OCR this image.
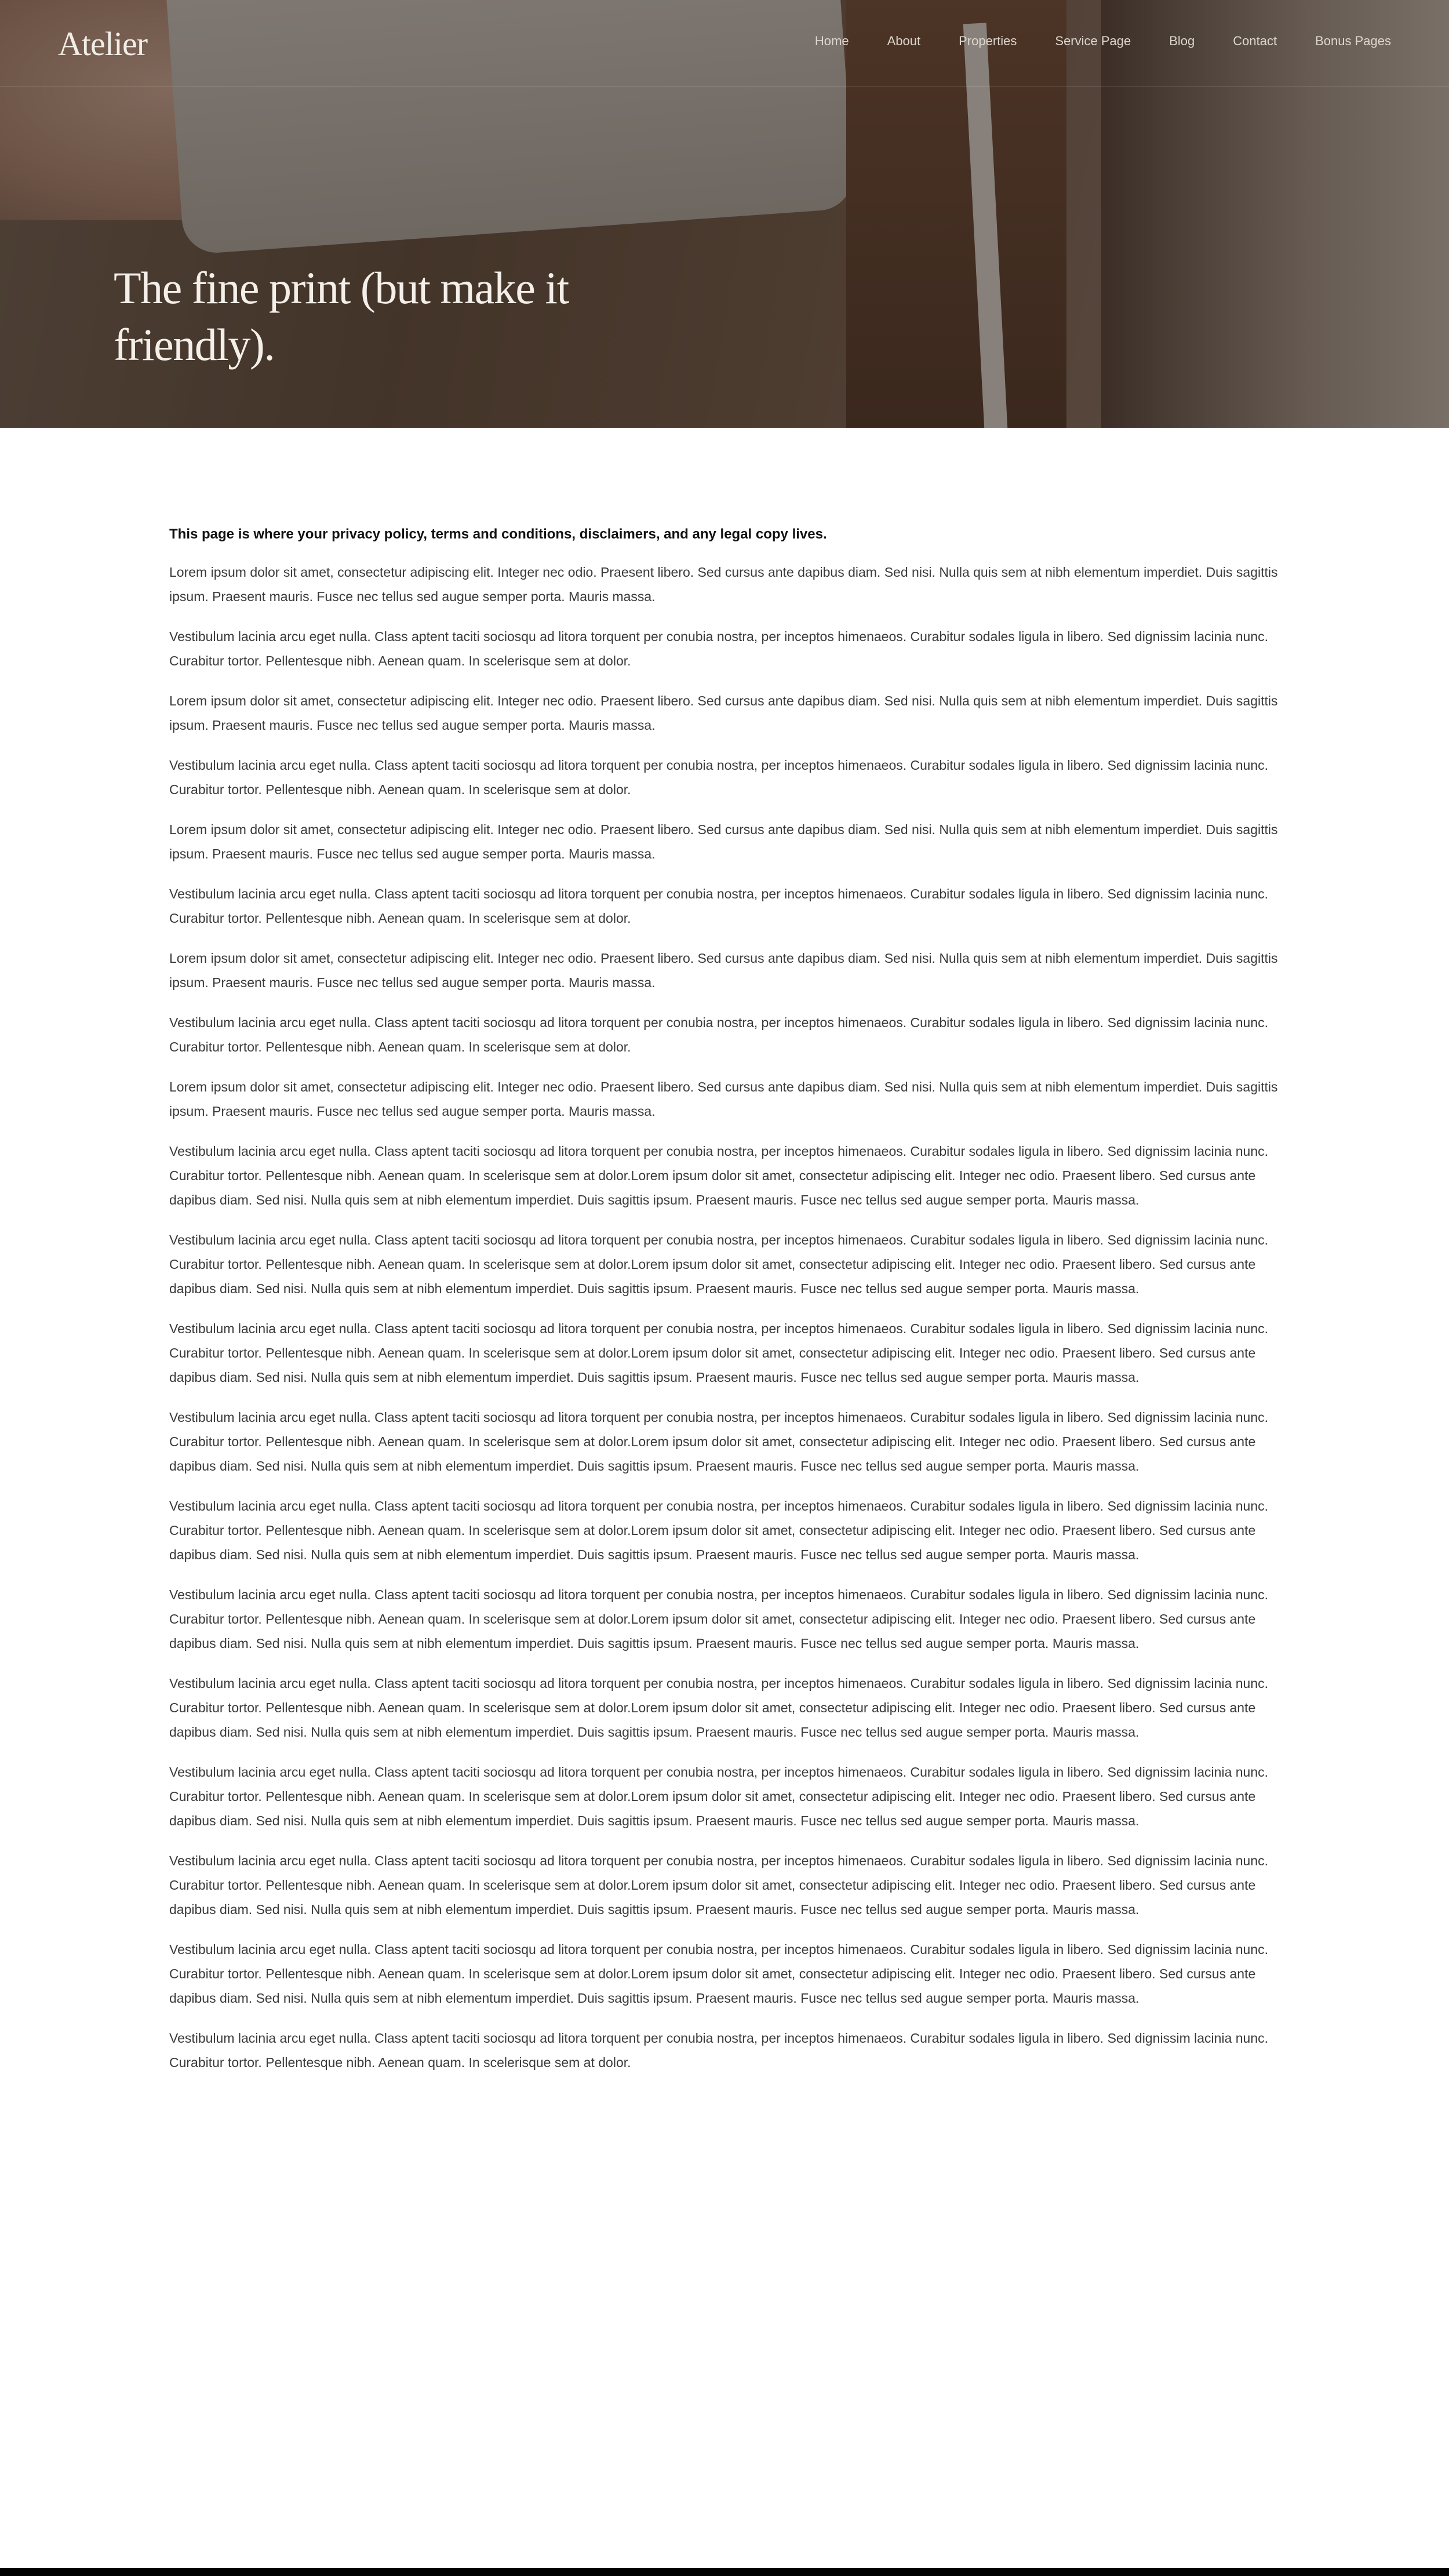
Atelier	Home	About	Properties	Service Page	Blog	Contact	Bonus Pages
The fine print (but make it
friendly).

This page is where your privacy policy, terms and conditions, disclaimers, and any legal copy lives.

Lorem ipsum dolor sit amet, consectetur adipiscing elit. Integer nec odio. Praesent libero. Sed cursus ante dapibus diam. Sed nisi. Nulla quis sem at nibh elementum imperdiet. Duis sagittis ipsum. Praesent mauris. Fusce nec tellus sed augue semper porta. Mauris massa.

Vestibulum lacinia arcu eget nulla. Class aptent taciti sociosqu ad litora torquent per conubia nostra, per inceptos himenaeos. Curabitur sodales ligula in libero. Sed dignissim lacinia nunc. Curabitur tortor. Pellentesque nibh. Aenean quam. In scelerisque sem at dolor.

Lorem ipsum dolor sit amet, consectetur adipiscing elit. Integer nec odio. Praesent libero. Sed cursus ante dapibus diam. Sed nisi. Nulla quis sem at nibh elementum imperdiet. Duis sagittis ipsum. Praesent mauris. Fusce nec tellus sed augue semper porta. Mauris massa.

Vestibulum lacinia arcu eget nulla. Class aptent taciti sociosqu ad litora torquent per conubia nostra, per inceptos himenaeos. Curabitur sodales ligula in libero. Sed dignissim lacinia nunc. Curabitur tortor. Pellentesque nibh. Aenean quam. In scelerisque sem at dolor.

Lorem ipsum dolor sit amet, consectetur adipiscing elit. Integer nec odio. Praesent libero. Sed cursus ante dapibus diam. Sed nisi. Nulla quis sem at nibh elementum imperdiet. Duis sagittis ipsum. Praesent mauris. Fusce nec tellus sed augue semper porta. Mauris massa.

Vestibulum lacinia arcu eget nulla. Class aptent taciti sociosqu ad litora torquent per conubia nostra, per inceptos himenaeos. Curabitur sodales ligula in libero. Sed dignissim lacinia nunc. Curabitur tortor. Pellentesque nibh. Aenean quam. In scelerisque sem at dolor.

Lorem ipsum dolor sit amet, consectetur adipiscing elit. Integer nec odio. Praesent libero. Sed cursus ante dapibus diam. Sed nisi. Nulla quis sem at nibh elementum imperdiet. Duis sagittis ipsum. Praesent mauris. Fusce nec tellus sed augue semper porta. Mauris massa.

Vestibulum lacinia arcu eget nulla. Class aptent taciti sociosqu ad litora torquent per conubia nostra, per inceptos himenaeos. Curabitur sodales ligula in libero. Sed dignissim lacinia nunc. Curabitur tortor. Pellentesque nibh. Aenean quam. In scelerisque sem at dolor.

Lorem ipsum dolor sit amet, consectetur adipiscing elit. Integer nec odio. Praesent libero. Sed cursus ante dapibus diam. Sed nisi. Nulla quis sem at nibh elementum imperdiet. Duis sagittis ipsum. Praesent mauris. Fusce nec tellus sed augue semper porta. Mauris massa.

Vestibulum lacinia arcu eget nulla. Class aptent taciti sociosqu ad litora torquent per conubia nostra, per inceptos himenaeos. Curabitur sodales ligula in libero. Sed dignissim lacinia nunc. Curabitur tortor. Pellentesque nibh. Aenean quam. In scelerisque sem at dolor.Lorem ipsum dolor sit amet, consectetur adipiscing elit. Integer nec odio. Praesent libero. Sed cursus ante dapibus diam. Sed nisi. Nulla quis sem at nibh elementum imperdiet. Duis sagittis ipsum. Praesent mauris. Fusce nec tellus sed augue semper porta. Mauris massa.

Vestibulum lacinia arcu eget nulla. Class aptent taciti sociosqu ad litora torquent per conubia nostra, per inceptos himenaeos. Curabitur sodales ligula in libero. Sed dignissim lacinia nunc. Curabitur tortor. Pellentesque nibh. Aenean quam. In scelerisque sem at dolor.Lorem ipsum dolor sit amet, consectetur adipiscing elit. Integer nec odio. Praesent libero. Sed cursus ante dapibus diam. Sed nisi. Nulla quis sem at nibh elementum imperdiet. Duis sagittis ipsum. Praesent mauris. Fusce nec tellus sed augue semper porta. Mauris massa.

Vestibulum lacinia arcu eget nulla. Class aptent taciti sociosqu ad litora torquent per conubia nostra, per inceptos himenaeos. Curabitur sodales ligula in libero. Sed dignissim lacinia nunc. Curabitur tortor. Pellentesque nibh. Aenean quam. In scelerisque sem at dolor.Lorem ipsum dolor sit amet, consectetur adipiscing elit. Integer nec odio. Praesent libero. Sed cursus ante dapibus diam. Sed nisi. Nulla quis sem at nibh elementum imperdiet. Duis sagittis ipsum. Praesent mauris. Fusce nec tellus sed augue semper porta. Mauris massa.

Vestibulum lacinia arcu eget nulla. Class aptent taciti sociosqu ad litora torquent per conubia nostra, per inceptos himenaeos. Curabitur sodales ligula in libero. Sed dignissim lacinia nunc. Curabitur tortor. Pellentesque nibh. Aenean quam. In scelerisque sem at dolor.Lorem ipsum dolor sit amet, consectetur adipiscing elit. Integer nec odio. Praesent libero. Sed cursus ante dapibus diam. Sed nisi. Nulla quis sem at nibh elementum imperdiet. Duis sagittis ipsum. Praesent mauris. Fusce nec tellus sed augue semper porta. Mauris massa.

Vestibulum lacinia arcu eget nulla. Class aptent taciti sociosqu ad litora torquent per conubia nostra, per inceptos himenaeos. Curabitur sodales ligula in libero. Sed dignissim lacinia nunc. Curabitur tortor. Pellentesque nibh. Aenean quam. In scelerisque sem at dolor.Lorem ipsum dolor sit amet, consectetur adipiscing elit. Integer nec odio. Praesent libero. Sed cursus ante dapibus diam. Sed nisi. Nulla quis sem at nibh elementum imperdiet. Duis sagittis ipsum. Praesent mauris. Fusce nec tellus sed augue semper porta. Mauris massa.

Vestibulum lacinia arcu eget nulla. Class aptent taciti sociosqu ad litora torquent per conubia nostra, per inceptos himenaeos. Curabitur sodales ligula in libero. Sed dignissim lacinia nunc. Curabitur tortor. Pellentesque nibh. Aenean quam. In scelerisque sem at dolor.Lorem ipsum dolor sit amet, consectetur adipiscing elit. Integer nec odio. Praesent libero. Sed cursus ante dapibus diam. Sed nisi. Nulla quis sem at nibh elementum imperdiet. Duis sagittis ipsum. Praesent mauris. Fusce nec tellus sed augue semper porta. Mauris massa.

Vestibulum lacinia arcu eget nulla. Class aptent taciti sociosqu ad litora torquent per conubia nostra, per inceptos himenaeos. Curabitur sodales ligula in libero. Sed dignissim lacinia nunc. Curabitur tortor. Pellentesque nibh. Aenean quam. In scelerisque sem at dolor.Lorem ipsum dolor sit amet, consectetur adipiscing elit. Integer nec odio. Praesent libero. Sed cursus ante dapibus diam. Sed nisi. Nulla quis sem at nibh elementum imperdiet. Duis sagittis ipsum. Praesent mauris. Fusce nec tellus sed augue semper porta. Mauris massa.

Vestibulum lacinia arcu eget nulla. Class aptent taciti sociosqu ad litora torquent per conubia nostra, per inceptos himenaeos. Curabitur sodales ligula in libero. Sed dignissim lacinia nunc. Curabitur tortor. Pellentesque nibh. Aenean quam. In scelerisque sem at dolor.Lorem ipsum dolor sit amet, consectetur adipiscing elit. Integer nec odio. Praesent libero. Sed cursus ante dapibus diam. Sed nisi. Nulla quis sem at nibh elementum imperdiet. Duis sagittis ipsum. Praesent mauris. Fusce nec tellus sed augue semper porta. Mauris massa.

Vestibulum lacinia arcu eget nulla. Class aptent taciti sociosqu ad litora torquent per conubia nostra, per inceptos himenaeos. Curabitur sodales ligula in libero. Sed dignissim lacinia nunc. Curabitur tortor. Pellentesque nibh. Aenean quam. In scelerisque sem at dolor.Lorem ipsum dolor sit amet, consectetur adipiscing elit. Integer nec odio. Praesent libero. Sed cursus ante dapibus diam. Sed nisi. Nulla quis sem at nibh elementum imperdiet. Duis sagittis ipsum. Praesent mauris. Fusce nec tellus sed augue semper porta. Mauris massa.

Vestibulum lacinia arcu eget nulla. Class aptent taciti sociosqu ad litora torquent per conubia nostra, per inceptos himenaeos. Curabitur sodales ligula in libero. Sed dignissim lacinia nunc. Curabitur tortor. Pellentesque nibh. Aenean quam. In scelerisque sem at dolor.Lorem ipsum dolor sit amet, consectetur adipiscing elit. Integer nec odio. Praesent libero. Sed cursus ante dapibus diam. Sed nisi. Nulla quis sem at nibh elementum imperdiet. Duis sagittis ipsum. Praesent mauris. Fusce nec tellus sed augue semper porta. Mauris massa.

Vestibulum lacinia arcu eget nulla. Class aptent taciti sociosqu ad litora torquent per conubia nostra, per inceptos himenaeos. Curabitur sodales ligula in libero. Sed dignissim lacinia nunc. Curabitur tortor. Pellentesque nibh. Aenean quam. In scelerisque sem at dolor.
